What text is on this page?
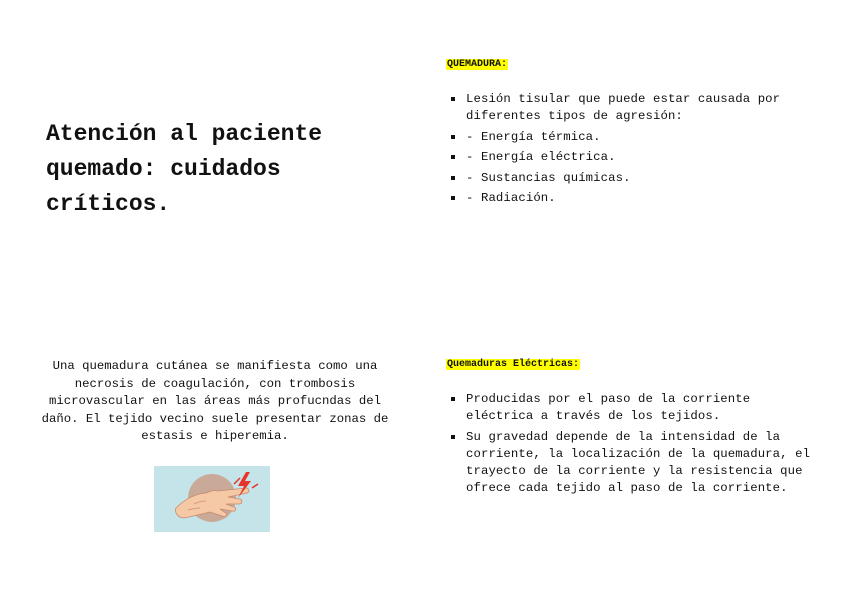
Atención al paciente quemado: cuidados críticos.

QUEMADURA:

Lesión tisular que puede estar causada por diferentes tipos de agresión:
- Energía térmica.
- Energía eléctrica.
- Sustancias químicas.
- Radiación.

Una quemadura cutánea se manifiesta como una necrosis de coagulación, con trombosis microvascular en las áreas más profucndas del daño. El tejido vecino suele presentar zonas de estasis e hiperemia.

Quemaduras Eléctricas:

Producidas por el paso de la corriente eléctrica a través de los tejidos.
Su gravedad depende de la intensidad de la corriente, la localización de la quemadura, el trayecto de la corriente y la resistencia que ofrece cada tejido al paso de la corriente.
